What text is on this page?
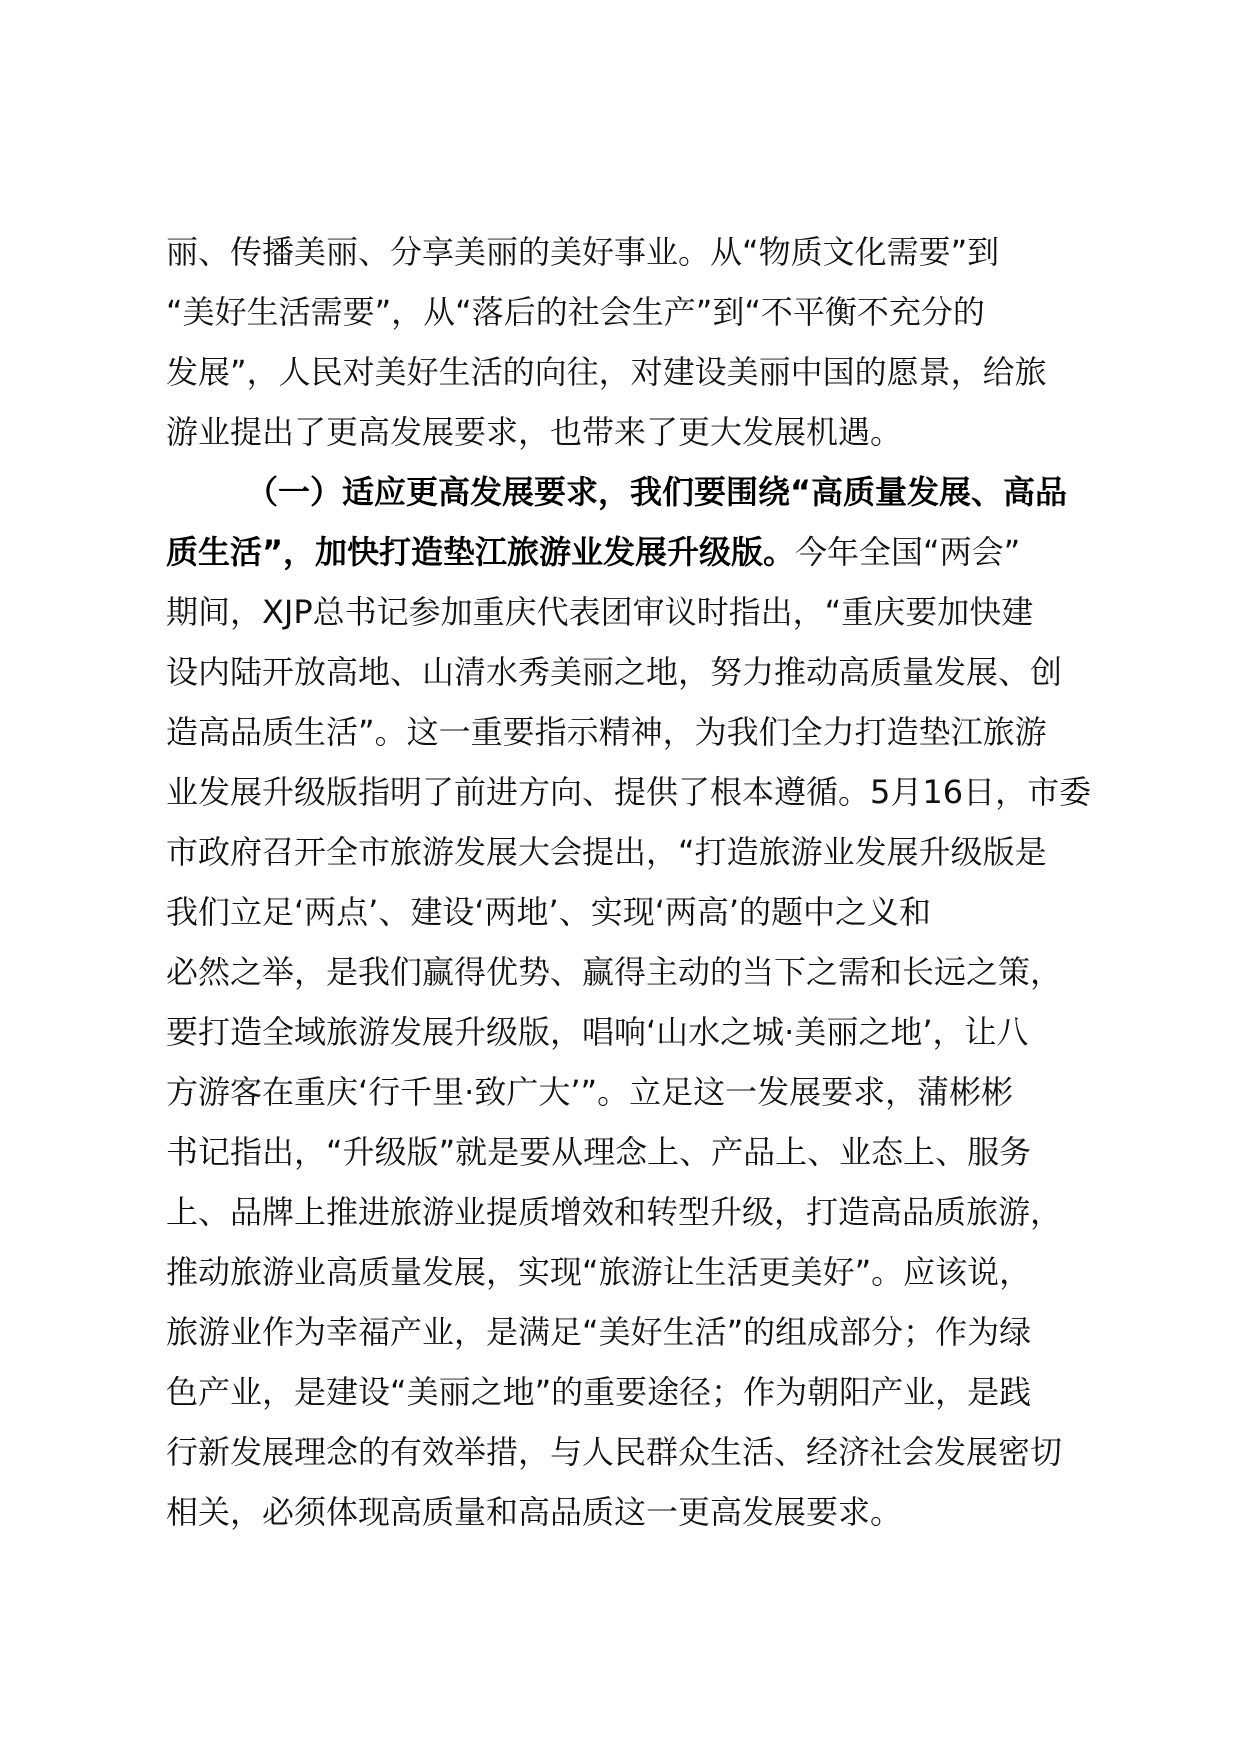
丽、传播美丽、分享美丽的美好事业。从“物质文化需要”到
“美好生活需要”，从“落后的社会生产”到“不平衡不充分的
发展”，人民对美好生活的向往，对建设美丽中国的愿景，给旅
游业提出了更高发展要求，也带来了更大发展机遇。
（一）适应更高发展要求，我们要围绕“高质量发展、高品
质生活”，加快打造垫江旅游业发展升级版。今年全国“两会”
期间，XJP总书记参加重庆代表团审议时指出，“重庆要加快建
设内陆开放高地、山清水秀美丽之地，努力推动高质量发展、创
造高品质生活”。这一重要指示精神，为我们全力打造垫江旅游
业发展升级版指明了前进方向、提供了根本遵循。5月16日，市委
市政府召开全市旅游发展大会提出，“打造旅游业发展升级版是
我们立足‘两点’、建设‘两地’、实现‘两高’的题中之义和
必然之举，是我们赢得优势、赢得主动的当下之需和长远之策，
要打造全域旅游发展升级版，唱响‘山水之城·美丽之地’，让八
方游客在重庆‘行千里·致广大’”。立足这一发展要求，蒲彬彬
书记指出，“升级版”就是要从理念上、产品上、业态上、服务
上、品牌上推进旅游业提质增效和转型升级，打造高品质旅游，
推动旅游业高质量发展，实现“旅游让生活更美好”。应该说，
旅游业作为幸福产业，是满足“美好生活”的组成部分；作为绿
色产业，是建设“美丽之地”的重要途径；作为朝阳产业，是践
行新发展理念的有效举措，与人民群众生活、经济社会发展密切
相关，必须体现高质量和高品质这一更高发展要求。
